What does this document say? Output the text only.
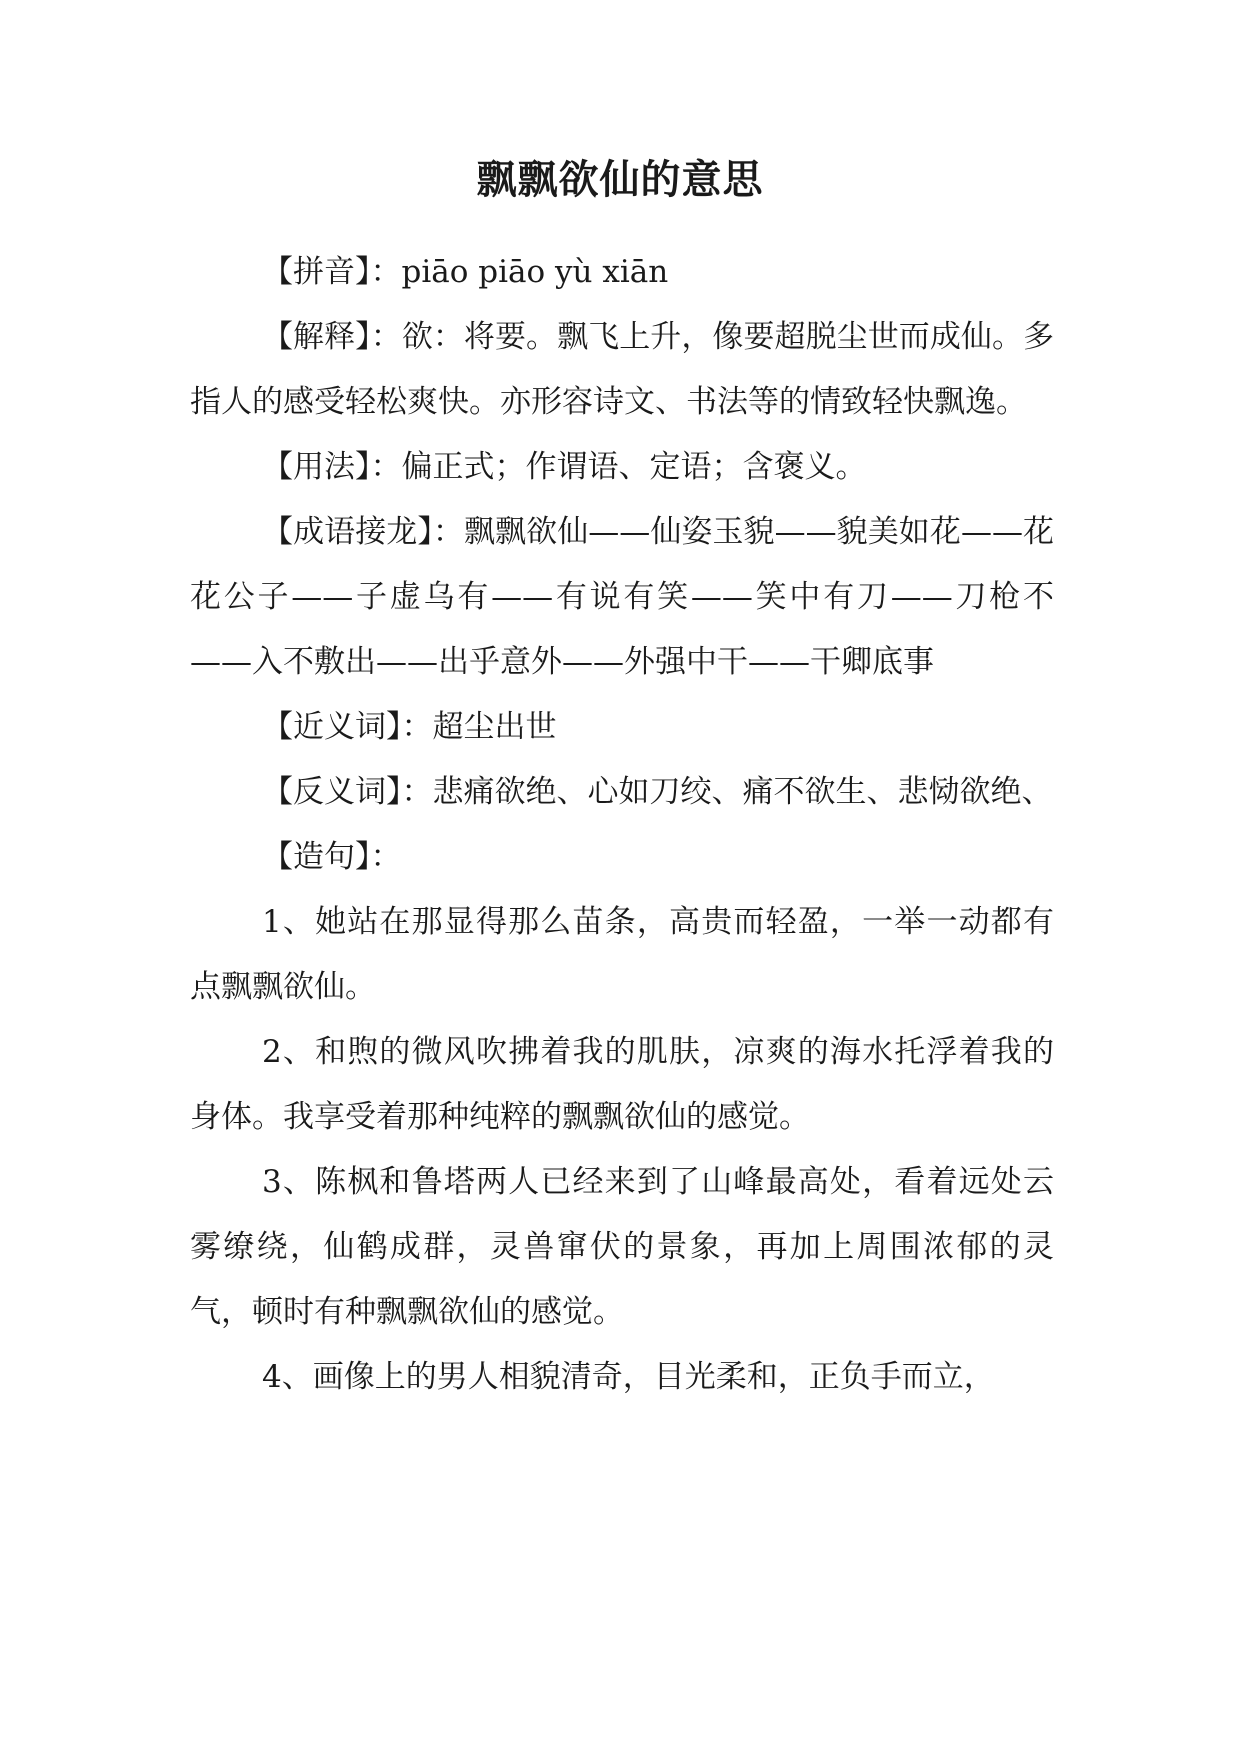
飘飘欲仙的意思

【拼音】：piāo piāo yù xiān

【解释】：欲：将要。飘飞上升，像要超脱尘世而成仙。多指人的感受轻松爽快。亦形容诗文、书法等的情致轻快飘逸。

【用法】：偏正式；作谓语、定语；含褒义。

【成语接龙】：飘飘欲仙——仙姿玉貌——貌美如花——花花公子——子虚乌有——有说有笑——笑中有刀——刀枪不——入不敷出——出乎意外——外强中干——干卿底事

【近义词】：超尘出世

【反义词】：悲痛欲绝、心如刀绞、痛不欲生、悲恸欲绝、

【造句】：

1、她站在那显得那么苗条，高贵而轻盈，一举一动都有点飘飘欲仙。

2、和煦的微风吹拂着我的肌肤，凉爽的海水托浮着我的身体。我享受着那种纯粹的飘飘欲仙的感觉。

3、陈枫和鲁塔两人已经来到了山峰最高处，看着远处云雾缭绕，仙鹤成群，灵兽窜伏的景象，再加上周围浓郁的灵气，顿时有种飘飘欲仙的感觉。

4、画像上的男人相貌清奇，目光柔和，正负手而立，
